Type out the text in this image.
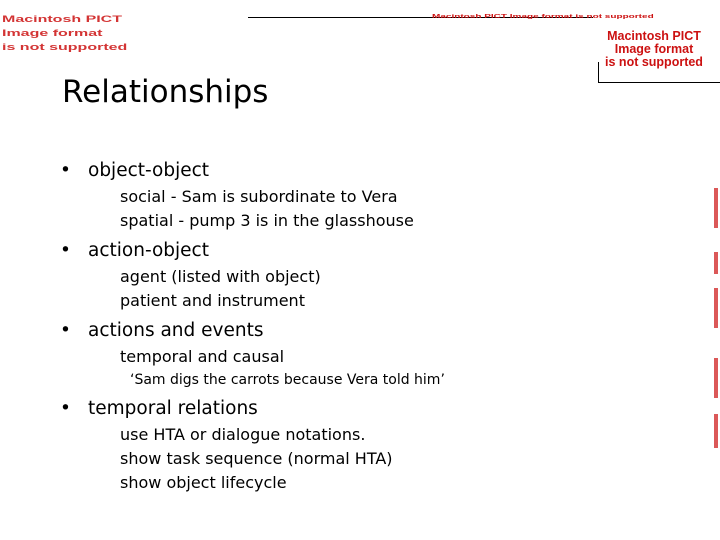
Macintosh PICT
Image format
is not supported
Macintosh PICT Image format is not supported
Macintosh PICT
Image format
is not supported
Relationships
• object-object
social - Sam is subordinate to Vera
spatial - pump 3 is in the glasshouse
• action-object
agent (listed with object)
patient and instrument
• actions and events
temporal and causal
‘Sam digs the carrots because Vera told him’
• temporal relations
use HTA or dialogue notations.
show task sequence (normal HTA)
show object lifecycle
